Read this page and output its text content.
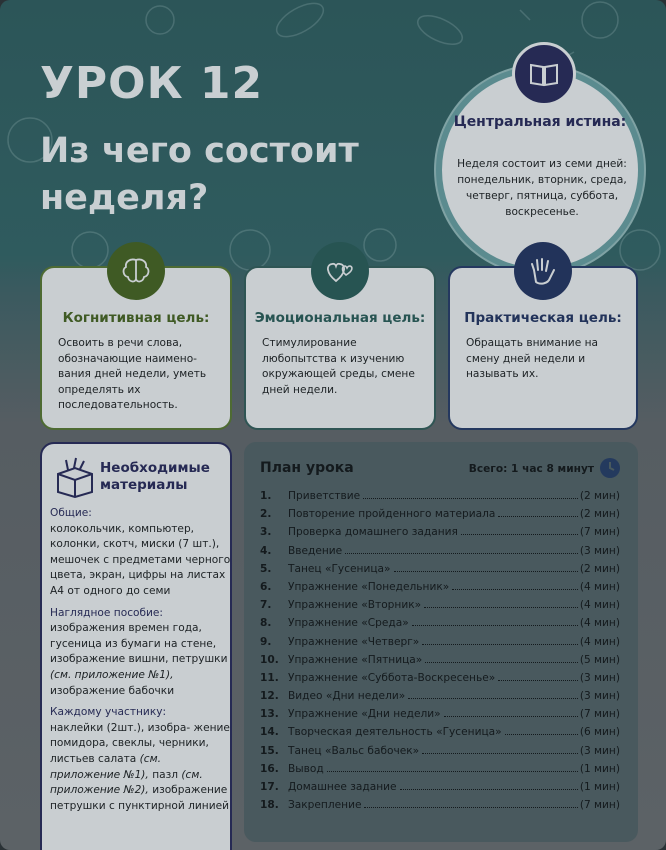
УРОК 12
Из чего состоит неделя?
Центральная истина:
Неделя состоит из семи дней: понедельник, вторник, среда, четверг, пятница, суббота, воскресенье.
Когнитивная цель:
Освоить в речи слова, обозначающие наимено- вания дней недели, уметь определять их последовательность.
Эмоциональная цель:
Стимулирование любопытства к изучению окружающей среды, смене дней недели.
Практическая цель:
Обращать внимание на смену дней недели и называть их.
Необходимые материалы
Общие:
колокольчик, компьютер, колонки, скотч, миски (7 шт.), мешочек с предметами черного цвета, экран, цифры на листах А4 от одного до семи
Наглядное пособие:
изображения времен года, гусеница из бумаги на стене, изображение вишни, петрушки (см. приложение №1), изображение бабочки
Каждому участнику:
наклейки (2шт.), изобра- жение помидора, свеклы, черники, листьев салата (см. приложение №1), пазл (см. приложение №2), изображение петрушки с пунктирной линией
План урока	Всего: 1 час 8 минут
1.	Приветствие	(2 мин)
2.	Повторение пройденного материала	(2 мин)
3.	Проверка домашнего задания	(7 мин)
4.	Введение	(3 мин)
5.	Танец «Гусеница»	(2 мин)
6.	Упражнение «Понедельник»	(4 мин)
7.	Упражнение «Вторник»	(4 мин)
8.	Упражнение «Среда»	(4 мин)
9.	Упражнение «Четверг»	(4 мин)
10. Упражнение «Пятница»	(5 мин)
11. Упражнение «Суббота-Воскресенье»	(3 мин)
12. Видео «Дни недели»	(3 мин)
13. Упражнение «Дни недели»	(7 мин)
14. Творческая деятельность «Гусеница»	(6 мин)
15. Танец «Вальс бабочек»	(3 мин)
16. Вывод	(1 мин)
17. Домашнее задание	(1 мин)
18. Закрепление	(7 мин)
